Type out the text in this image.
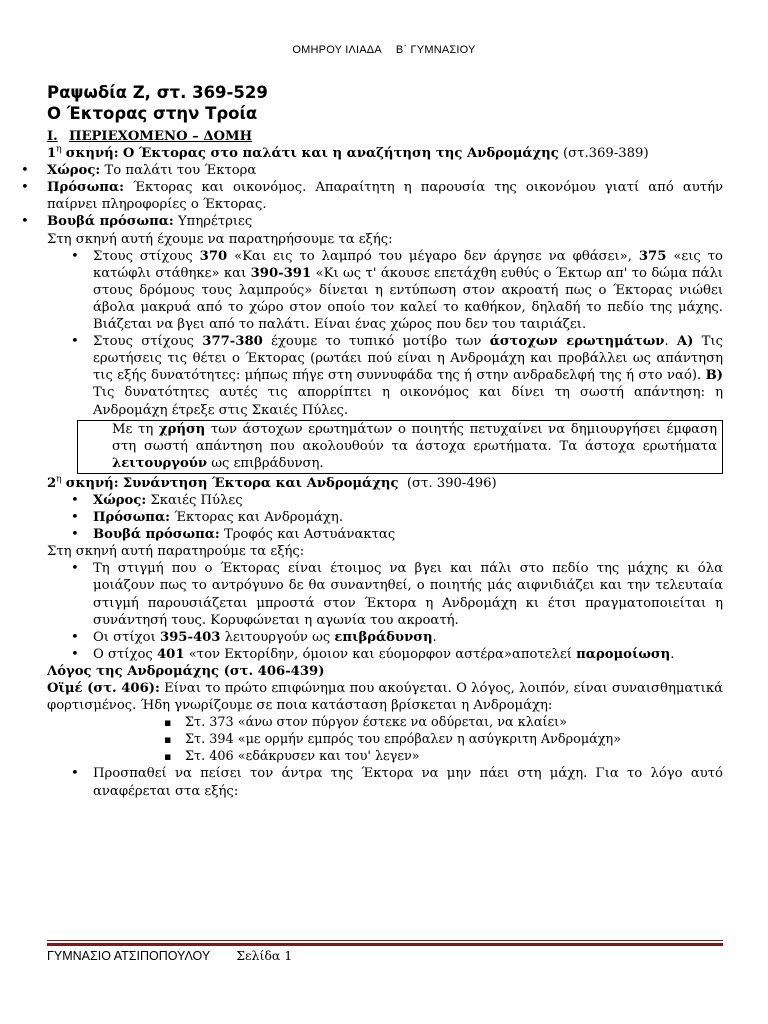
ΟΜΗΡΟΥ ΙΛΙΑΔΑ Β΄ ΓΥΜΝΑΣΙΟΥ
Ραψωδία Ζ, στ. 369-529
Ο Έκτορας στην Τροία
Ι. ΠΕΡΙΕΧΟΜΕΝΟ – ΔΟΜΗ

$1^\eta$ σκηνή: Ο Έκτορας στο παλάτι και η αναζήτηση της Ανδρομάχης (στ.369-389)

• Χώρος: Το παλάτι του Έκτορα
• Πρόσωπα: Έκτορας και οικονόμος. Απαραίτητη η παρουσία της οικονόμου γιατί από αυτήν παίρνει πληροφορίες ο Έκτορας.
• Βουβά πρόσωπα: Υπηρέτριες

Στη σκηνή αυτή έχουμε να παρατηρήσουμε τα εξής:

• Στους στίχους 370 «Και εις το λαμπρό του μέγαρο δεν άργησε να φθάσει», 375 «εις το κατώφλι στάθηκε» και 390-391 «Κι ως τ' άκουσε επετάχθη ευθύς ο Έκτωρ απ' το δώμα πάλι στους δρόμους τους λαμπρούς» δίνεται η εντύπωση στον ακροατή πως ο Έκτορας νιώθει άβολα μακρυά από το χώρο στον οποίο τον καλεί το καθήκον, δηλαδή το πεδίο της μάχης. Βιάζεται να βγει από το παλάτι. Είναι ένας χώρος που δεν του ταιριάζει.
• Στους στίχους 377-380 έχουμε το τυπικό μοτίβο των άστοχων ερωτημάτων. Α) Τις ερωτήσεις τις θέτει ο Έκτορας (ρωτάει πού είναι η Ανδρομάχη και προβάλλει ως απάντηση τις εξής δυνατότητες: μήπως πήγε στη συννυφάδα της ή στην ανδραδελφή της ή στο ναό). Β) Τις δυνατότητες αυτές τις απορρίπτει η οικονόμος και δίνει τη σωστή απάντηση: η Ανδρομάχη έτρεξε στις Σκαιές Πύλες.
Με τη χρήση των άστοχων ερωτημάτων ο ποιητής πετυχαίνει να δημιουργήσει έμφαση στη σωστή απάντηση που ακολουθούν τα άστοχα ερωτήματα. Τα άστοχα ερωτήματα λειτουργούν ως επιβράδυνση.

$2^\eta$ σκηνή: Συνάντηση Έκτορα και Ανδρομάχης (στ. 390-496)

• Χώρος: Σκαιές Πύλες
• Πρόσωπα: Έκτορας και Ανδρομάχη.
• Βουβά πρόσωπα: Τροφός και Αστυάνακτας

Στη σκηνή αυτή παρατηρούμε τα εξής:

• Τη στιγμή που ο Έκτορας είναι έτοιμος να βγει και πάλι στο πεδίο της μάχης κι όλα μοιάζουν πως το αντρόγυνο δε θα συναντηθεί, ο ποιητής μάς αιφνιδιάζει και την τελευταία στιγμή παρουσιάζεται μπροστά στον Έκτορα η Ανδρομάχη κι έτσι πραγματοποιείται η συνάντησή τους. Κορυφώνεται η αγωνία του ακροατή.
• Οι στίχοι 395-403 λειτουργούν ως επιβράδυνση.
• Ο στίχος 401 «τον Εκτορίδην, όμοιον και εύομορφον αστέρα»αποτελεί παρομοίωση.

Λόγος της Ανδρομάχης (στ. 406-439)

Οϊμέ (στ. 406): Είναι το πρώτο επιφώνημα που ακούγεται. Ο λόγος, λοιπόν, είναι συναισθηματικά φορτισμένος. Ήδη γνωρίζουμε σε ποια κατάσταση βρίσκεται η Ανδρομάχη:

▪ Στ. 373 «άνω στον πύργον έστεκε να οδύρεται, να κλαίει»
▪ Στ. 394 «με ορμήν εμπρός του επρόβαλεν η ασύγκριτη Ανδρομάχη»
▪ Στ. 406 «εδάκρυσεν και του' λεγεν»
• Προσπαθεί να πείσει τον άντρα της Έκτορα να μην πάει στη μάχη. Για το λόγο αυτό αναφέρεται στα εξής:
ΓΥΜΝΑΣΙΟ ΑΤΣΙΠΟΠΟΥΛΟΥ Σελίδα 1
